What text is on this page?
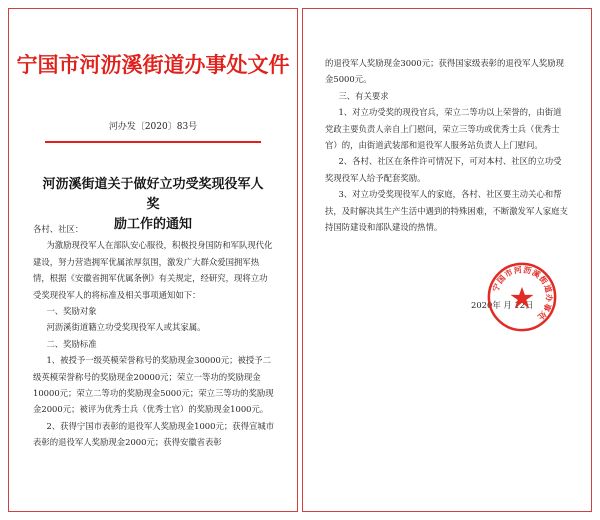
宁国市河沥溪街道办事处文件
河办发〔2020〕83号
河沥溪街道关于做好立功受奖现役军人奖
励工作的通知

各村、社区：

为激励现役军人在部队安心服役，积极投身国防和军队现代化建设，努力营造拥军优属浓厚氛围，激发广大群众爱国拥军热情，根据《安徽省拥军优属条例》有关规定，经研究，现将立功受奖现役军人的将标准及相关事项通知如下：

一、奖励对象

河沥溪街道籍立功受奖现役军人或其家属。

二、奖励标准

1、被授予一级英模荣誉称号的奖励现金30000元；被授予二级英模荣誉称号的奖励现金20000元；荣立一等功的奖励现金10000元；荣立二等功的奖励现金5000元；荣立三等功的奖励现金2000元；被评为优秀士兵（优秀士官）的奖励现金1000元。

2、获得宁国市表彰的退役军人奖励现金1000元；获得宣城市表彰的退役军人奖励现金2000元；获得安徽省表彰

的退役军人奖励现金3000元；获得国家级表彰的退役军人奖励现金5000元。

三、有关要求

1、对立功受奖的现役官兵，荣立二等功以上荣誉的，由街道党政主要负责人亲自上门慰问，荣立三等功或优秀士兵（优秀士官）的，由街道武装部和退役军人服务站负责人上门慰问。

2、各村、社区在条件许可情况下，可对本村、社区的立功受奖现役军人给予配套奖励。

3、对立功受奖现役军人的家庭，各村、社区要主动关心和帮扶，及时解决其生产生活中遇到的特殊困难，不断激发军人家庭支持国防建设和部队建设的热情。

2020年 月 12日
宁国市河沥溪街道办事处
